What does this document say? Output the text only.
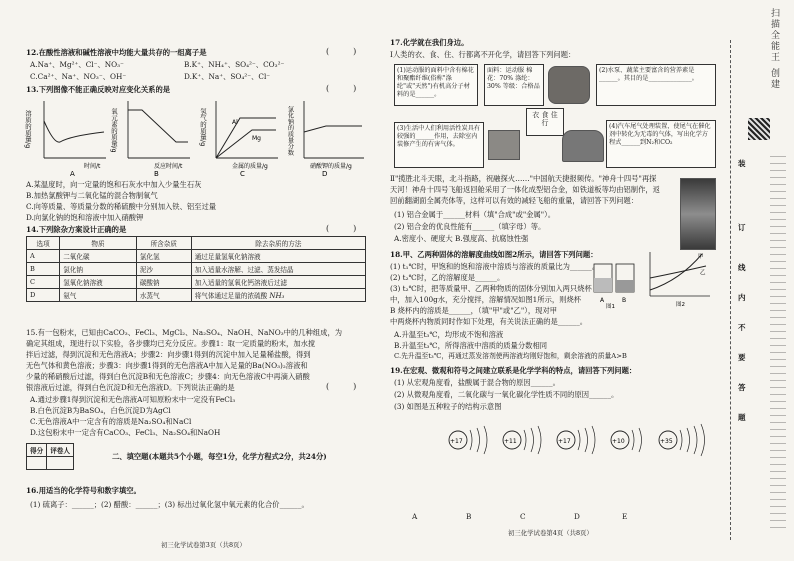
12.在酸性溶液和碱性溶液中均能大量共存的一组离子是	(　　　)
A.Na⁺、Mg²⁺、Cl⁻、NO₃⁻	B.K⁺、NH₄⁺、SO₄²⁻、CO₃²⁻
C.Ca²⁺、Na⁺、NO₃⁻、OH⁻	D.K⁺、Na⁺、SO₄²⁻、Cl⁻
13.下列图像不能正确反映对应变化关系的是	(　　　)
溶质的质量/g
时间/t
A
氧元素的质量/g
反应时间/t
B
Al
Mg
氢气的质量/g
金属的质量/g
C
氯化钠的质量分数
硝酸钾的质量/g
D
A.某温度时，向一定量的饱和石灰水中加入少量生石灰
B.加热氯酸钾与二氧化锰的混合物制氧气
C.向等质量、等质量分数的稀硫酸中分别加入铁、铝至过量
D.向氯化钠的饱和溶液中加入硝酸钾
14.下列除杂方案设计正确的是	(　　　)
选项	物质	所含杂质	除去杂质的方法
A	二氧化碳	氯化氢	通过足量氢氧化钠溶液
B	氯化钠	泥沙	加入适量水溶解、过滤、蒸发结晶
C	氢氧化钠溶液	碳酸钠	加入适量的氢氧化钙溶液后过滤
D	氨气	水蒸气	将气体通过足量的浓硫酸 NH₃
15.有一包粉末，已知由CaCO₃、FeCl₃、MgCl₂、Na₂SO₄、NaOH、NaNO₃中的几种组成，为
确定其组成，现进行以下实验，各步骤均已充分反应。步骤1：取一定质量的粉末，加水搅
拌后过滤，得到沉淀和无色溶液A；步骤2：向步骤1得到的沉淀中加入足量稀盐酸，得到
无色气体和黄色溶液；步骤3：向步骤1得到的无色溶液A中加入足量的Ba(NO₃)₂溶液和
少量的稀硝酸后过滤，得到白色沉淀B和无色溶液C；步骤4：向无色溶液C中再滴入硝酸
银溶液后过滤，得到白色沉淀D和无色溶液D。下列说法正确的是	(　　　)
A.通过步骤1得到沉淀和无色溶液A可知原粉末中一定没有FeCl₃
B.白色沉淀B为BaSO₄，白色沉淀D为AgCl
C.无色溶液A中一定含有的溶质是Na₂SO₄和NaCl
D.这包粉末中一定含有CaCO₃、FeCl₃、Na₂SO₄和NaOH
得分	评卷人

二、填空题(本题共5个小题，每空1分，化学方程式2分，共24分)
16.用适当的化学符号和数字填空。
(1) 硫离子：______；(2) 醋酸：______；(3) 标出过氧化氢中氧元素的化合价______。
初三化学试卷第3页（共8页）
17.化学就在我们身边。
Ⅰ人类的衣、食、住、行都离不开化学，请回答下列问题：
(1)运动服的面料中含有棉花和聚酯纤维(俗称"涤纶"或"天然")有机高分子材料的是______。
面料：运动服 棉花：70% 涤纶：30% 等级：合格品
(2)水泵、蔬菜主要富含的营养素是______。其目的是______________。
(3)生活中人们利用活性炭具有较强的______作用，去除室内装修产生的有害气体。
衣 食 住 行	(4)汽车尾气处理装置，使尾气在催化剂中转化为无毒的气体，写出化学方程式______到N₂和CO₂
Ⅱ"揽胜北斗天眼，北斗指路，祝融探火……"中国航天捷报频传。"神舟十四号"再探
天河！神舟十四号飞船返回舱采用了一体化成型铝合金，如铁道板等均由铝制作，返
回前翻湖面全属壳体等，这样可以有效的减轻飞船的重量，请回答下列问题：
(1) 铝合金属于______材料（填"合成"或"金属"）。
(2) 铝合金的优良性能有______（填字母）等。
A.密度小、硬度大 B.强度高、抗腐蚀性强
18.甲、乙两种固体的溶解度曲线如图2所示，请回答下列问题：
(1) t₁℃时，甲饱和的饱和溶液中溶质与溶液的质量比为______。
(2) t₂℃时，乙的溶解度是______。
(3) t₂℃时，把等质量甲、乙两种物质的固体分别加入两只烧杯
中，加入100g水，充分搅拌，溶解情况如图1所示，则烧杯
B 烧杯内的溶质是______，（填"甲"或"乙"），现对甲
中两烧杯内物质同时作如下处理，有关说法正确的是______。
A	B
图1
甲
乙
图2
A.升温至t₃℃，均形成不饱和溶液
B.升温至t₃℃，所得溶液中溶质的质量分数相同
C.先升温至t₃℃，再通过蒸发溶剂使两溶液均刚好饱和，剩余溶液的质量A>B
19.在宏观、微观和符号之间建立联系是化学学科的特点，请回答下列问题：
(1) 从宏观角度看，盐酸属于混合物的原因______。
(2) 从微观角度看，二氧化碳与一氧化碳化学性质不同的原因______。
(3) 如图是五种粒子的结构示意图
+17	+11	+17	+10	+35
A	B	C	D	E
初三化学试卷第4页（共8页）
扫描全能王 创建
装
订
线
内
不
要
答
题
